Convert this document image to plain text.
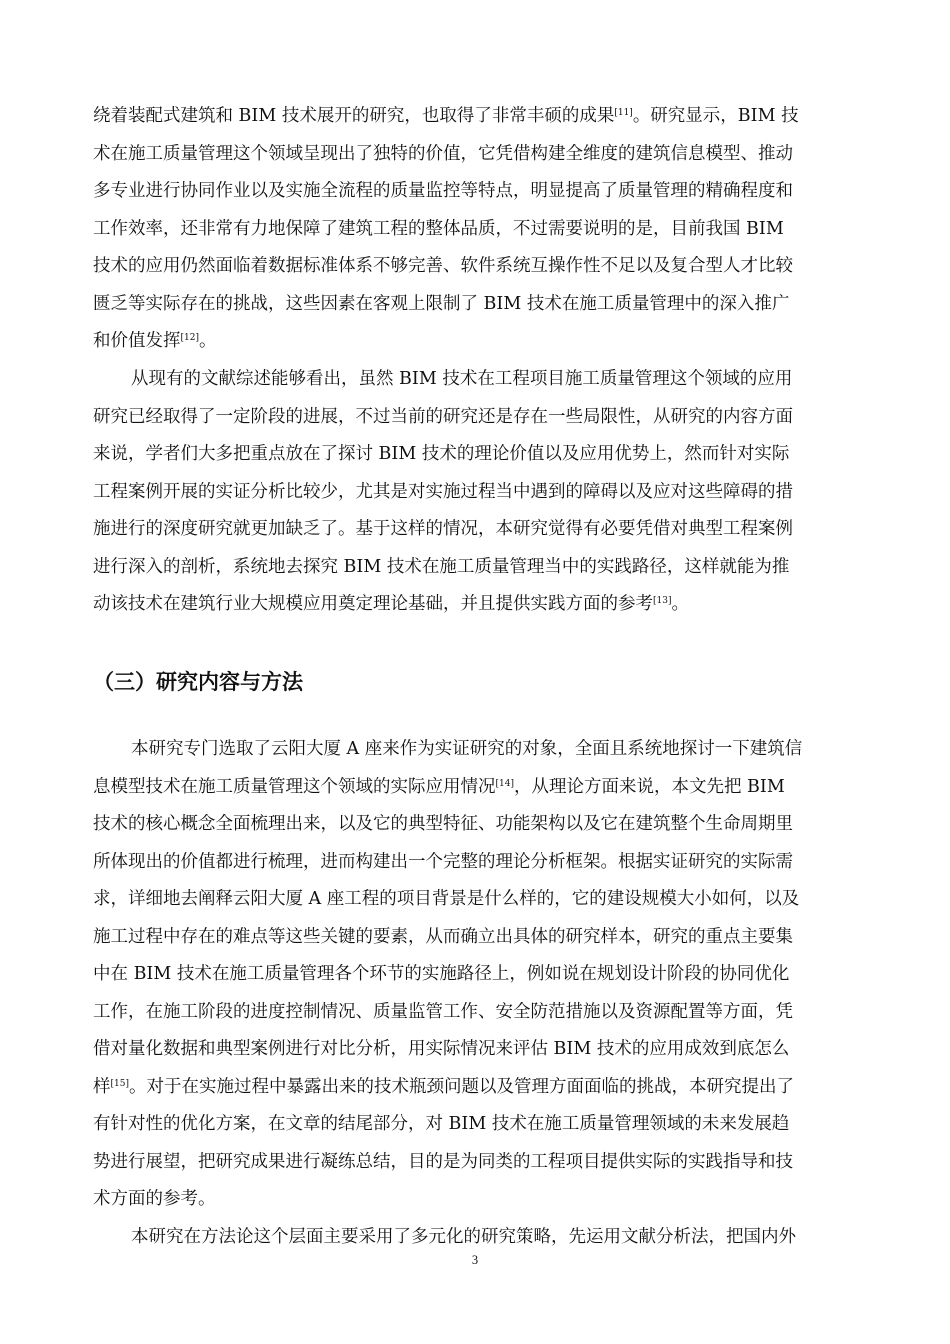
绕着装配式建筑和 BIM 技术展开的研究，也取得了非常丰硕的成果[11]。研究显示，BIM 技
术在施工质量管理这个领域呈现出了独特的价值，它凭借构建全维度的建筑信息模型、推动
多专业进行协同作业以及实施全流程的质量监控等特点，明显提高了质量管理的精确程度和
工作效率，还非常有力地保障了建筑工程的整体品质，不过需要说明的是，目前我国 BIM
技术的应用仍然面临着数据标准体系不够完善、软件系统互操作性不足以及复合型人才比较
匮乏等实际存在的挑战，这些因素在客观上限制了 BIM 技术在施工质量管理中的深入推广
和价值发挥[12]。
从现有的文献综述能够看出，虽然 BIM 技术在工程项目施工质量管理这个领域的应用
研究已经取得了一定阶段的进展，不过当前的研究还是存在一些局限性，从研究的内容方面
来说，学者们大多把重点放在了探讨 BIM 技术的理论价值以及应用优势上，然而针对实际
工程案例开展的实证分析比较少，尤其是对实施过程当中遇到的障碍以及应对这些障碍的措
施进行的深度研究就更加缺乏了。基于这样的情况，本研究觉得有必要凭借对典型工程案例
进行深入的剖析，系统地去探究 BIM 技术在施工质量管理当中的实践路径，这样就能为推
动该技术在建筑行业大规模应用奠定理论基础，并且提供实践方面的参考[13]。
（三）研究内容与方法
本研究专门选取了云阳大厦 A 座来作为实证研究的对象，全面且系统地探讨一下建筑信
息模型技术在施工质量管理这个领域的实际应用情况[14]，从理论方面来说，本文先把 BIM
技术的核心概念全面梳理出来，以及它的典型特征、功能架构以及它在建筑整个生命周期里
所体现出的价值都进行梳理，进而构建出一个完整的理论分析框架。根据实证研究的实际需
求，详细地去阐释云阳大厦 A 座工程的项目背景是什么样的，它的建设规模大小如何，以及
施工过程中存在的难点等这些关键的要素，从而确立出具体的研究样本，研究的重点主要集
中在 BIM 技术在施工质量管理各个环节的实施路径上，例如说在规划设计阶段的协同优化
工作，在施工阶段的进度控制情况、质量监管工作、安全防范措施以及资源配置等方面，凭
借对量化数据和典型案例进行对比分析，用实际情况来评估 BIM 技术的应用成效到底怎么
样[15]。对于在实施过程中暴露出来的技术瓶颈问题以及管理方面面临的挑战，本研究提出了
有针对性的优化方案，在文章的结尾部分，对 BIM 技术在施工质量管理领域的未来发展趋
势进行展望，把研究成果进行凝练总结，目的是为同类的工程项目提供实际的实践指导和技
术方面的参考。
本研究在方法论这个层面主要采用了多元化的研究策略，先运用文献分析法，把国内外
3
